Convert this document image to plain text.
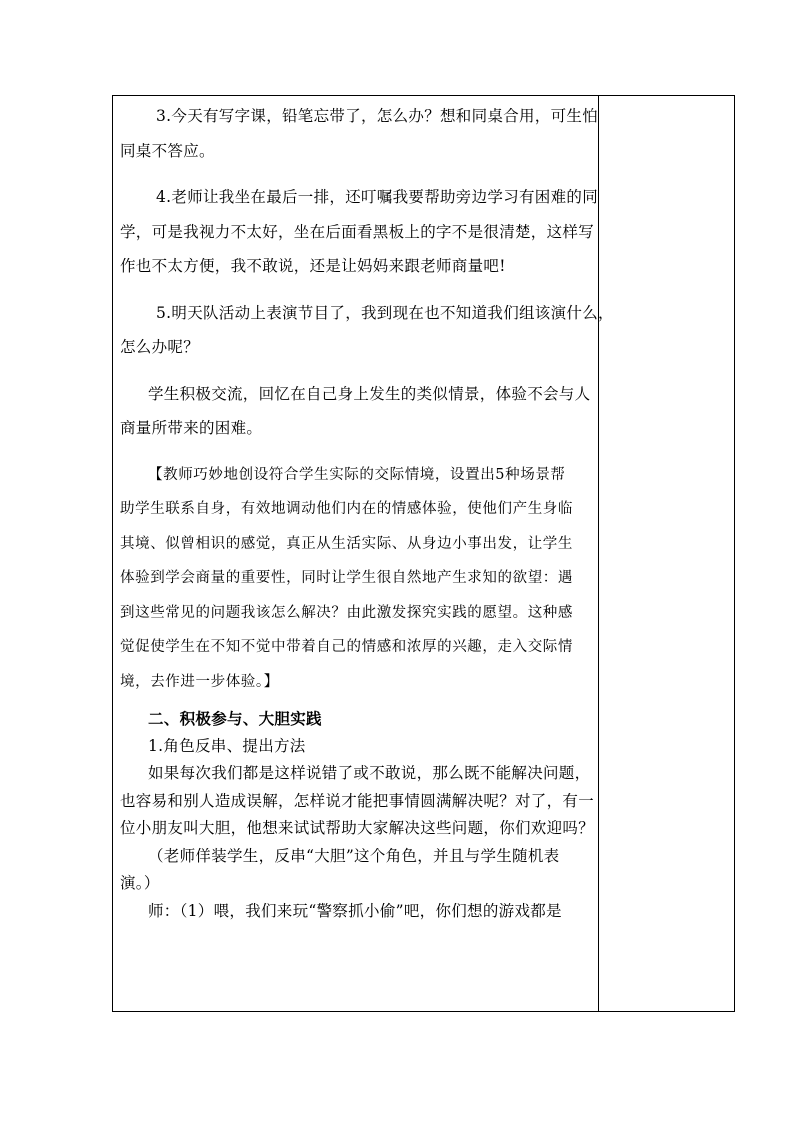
3.今天有写字课，铅笔忘带了，怎么办？想和同桌合用，可生怕

同桌不答应。

4.老师让我坐在最后一排，还叮嘱我要帮助旁边学习有困难的同

学，可是我视力不太好，坐在后面看黑板上的字不是很清楚，这样写

作也不太方便，我不敢说，还是让妈妈来跟老师商量吧!

5.明天队活动上表演节目了，我到现在也不知道我们组该演什么，

怎么办呢？

学生积极交流，回忆在自己身上发生的类似情景，体验不会与人

商量所带来的困难。

【教师巧妙地创设符合学生实际的交际情境，设置出5种场景帮

助学生联系自身，有效地调动他们内在的情感体验，使他们产生身临

其境、似曾相识的感觉，真正从生活实际、从身边小事出发，让学生

体验到学会商量的重要性，同时让学生很自然地产生求知的欲望：遇

到这些常见的问题我该怎么解决？由此激发探究实践的愿望。这种感

觉促使学生在不知不觉中带着自己的情感和浓厚的兴趣，走入交际情

境，去作进一步体验。】

二、积极参与、大胆实践

1.角色反串、提出方法

如果每次我们都是这样说错了或不敢说，那么既不能解决问题，

也容易和别人造成误解，怎样说才能把事情圆满解决呢？对了，有一

位小朋友叫大胆，他想来试试帮助大家解决这些问题，你们欢迎吗？

（老师佯装学生，反串“大胆”这个角色，并且与学生随机表

演。）

师：（1）喂，我们来玩“警察抓小偷”吧，你们想的游戏都是
